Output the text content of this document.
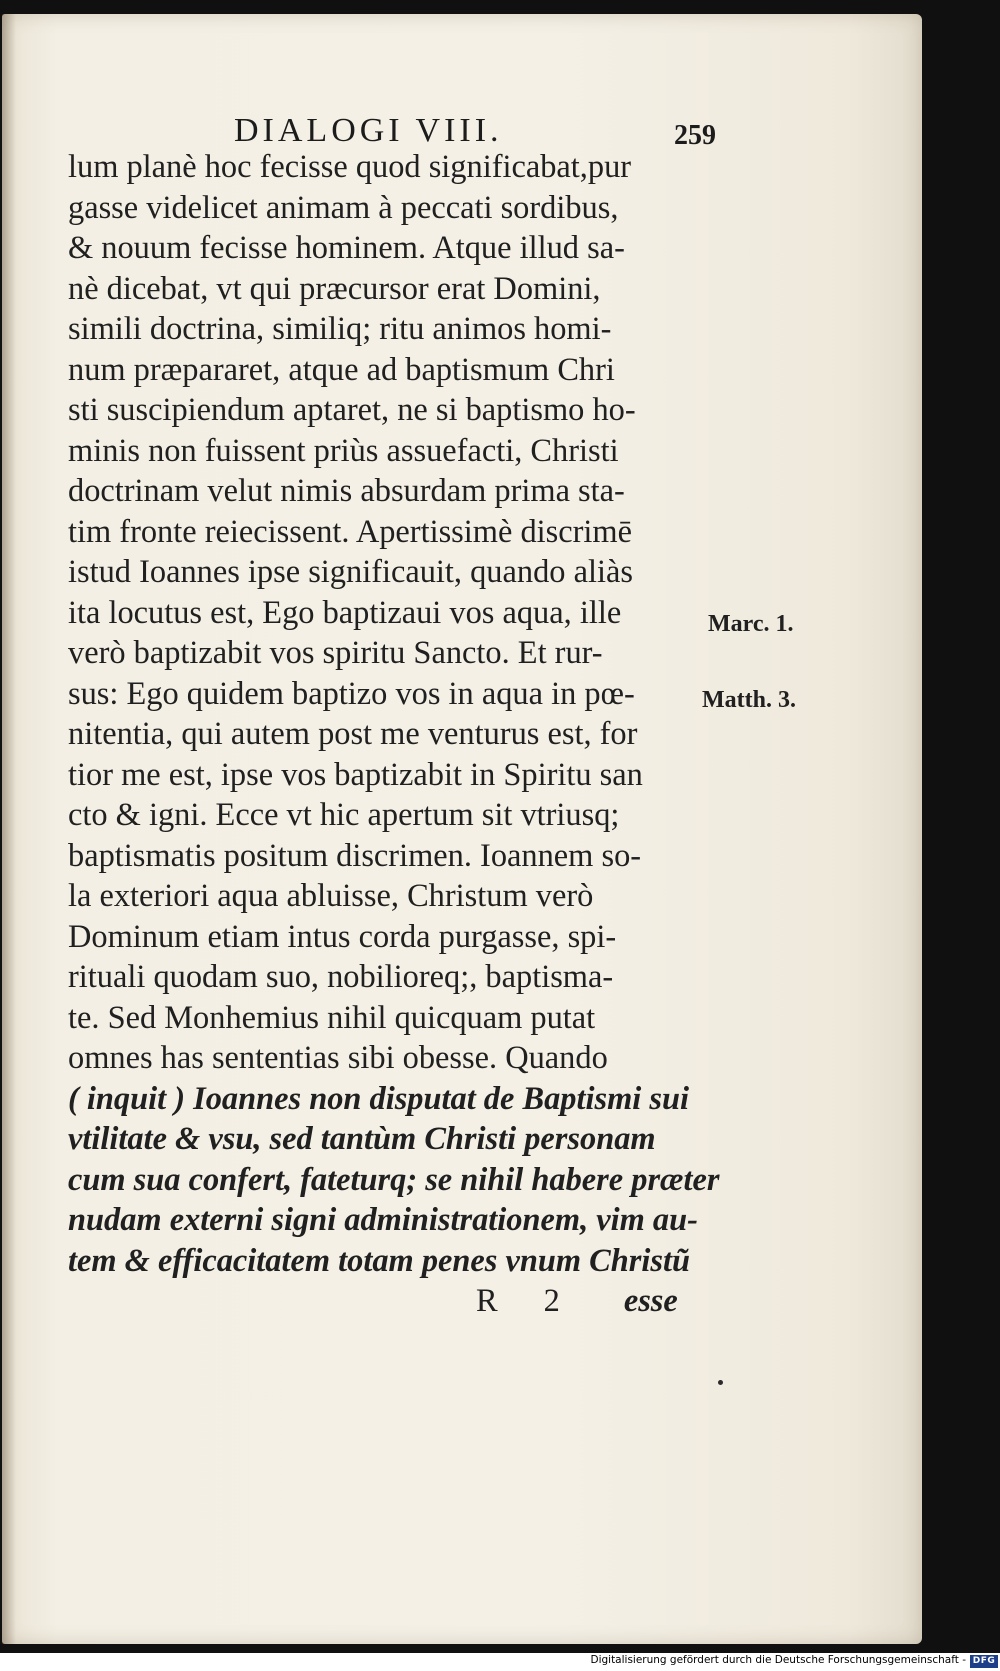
DIALOGI VIII.	259
lum planè hoc fecisse quod significabat,pur
gasse videlicet animam à peccati sordibus,
& nouum fecisse hominem. Atque illud sa-
nè dicebat, vt qui præcursor erat Domini,
simili doctrina, similiq; ritu animos homi-
num præpararet, atque ad baptismum Chri
sti suscipiendum aptaret, ne si baptismo ho-
minis non fuissent priùs assuefacti, Christi
doctrinam velut nimis absurdam prima sta-
tim fronte reiecissent. Apertissimè discrimē
istud Ioannes ipse significauit, quando aliàs
ita locutus est, Ego baptizaui vos aqua, ille
verò baptizabit vos spiritu Sancto. Et rur-
sus: Ego quidem baptizo vos in aqua in pœ-
nitentia, qui autem post me venturus est, for
tior me est, ipse vos baptizabit in Spiritu san
cto & igni. Ecce vt hic apertum sit vtriusq;
baptismatis positum discrimen. Ioannem so-
la exteriori aqua abluisse, Christum verò
Dominum etiam intus corda purgasse, spi-
rituali quodam suo, nobilioreq;, baptisma-
te. Sed Monhemius nihil quicquam putat
omnes has sententias sibi obesse. Quando
( inquit ) Ioannes non disputat de Baptismi sui
vtilitate & vsu, sed tantùm Christi personam
cum sua confert, fateturq; se nihil habere præter
nudam externi signi administrationem, vim au-
tem & efficacitatem totam penes vnum Christũ
R 2 esse
Marc. 1.
Matth. 3.
Digitalisierung gefördert durch die Deutsche Forschungsgemeinschaft - DFG
